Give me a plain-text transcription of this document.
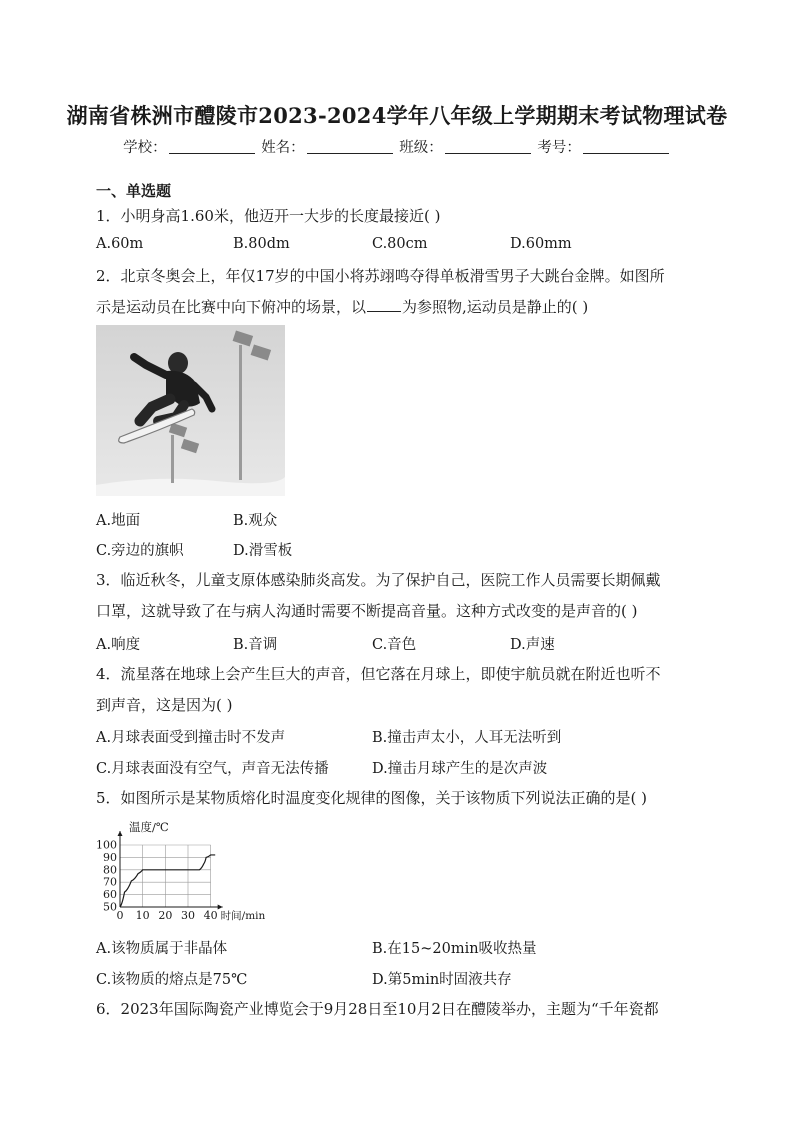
湖南省株洲市醴陵市2023-2024学年八年级上学期期末考试物理试卷
学校：	姓名：	班级：	考号：
一、单选题
1．小明身高1.60米，他迈开一大步的长度最接近( )
A.60m	B.80dm	C.80cm	D.60mm
2．北京冬奥会上，年仅17岁的中国小将苏翊鸣夺得单板滑雪男子大跳台金牌。如图所
示是运动员在比赛中向下俯冲的场景，以 为参照物,运动员是静止的( )
A.地面	B.观众
C.旁边的旗帜	D.滑雪板
3．临近秋冬，儿童支原体感染肺炎高发。为了保护自己，医院工作人员需要长期佩戴
口罩，这就导致了在与病人沟通时需要不断提高音量。这种方式改变的是声音的( )
A.响度	B.音调	C.音色	D.声速
4．流星落在地球上会产生巨大的声音，但它落在月球上，即使宇航员就在附近也听不
到声音，这是因为( )
A.月球表面受到撞击时不发声	B.撞击声太小，人耳无法听到
C.月球表面没有空气，声音无法传播	D.撞击月球产生的是次声波
5．如图所示是某物质熔化时温度变化规律的图像，关于该物质下列说法正确的是( )
50
60
70
80
90
100
0 10 20 30 40
温度/℃
时间/min
A.该物质属于非晶体	B.在15~20min吸收热量
C.该物质的熔点是75℃	D.第5min时固液共存
6．2023年国际陶瓷产业博览会于9月28日至10月2日在醴陵举办，主题为“千年瓷都
